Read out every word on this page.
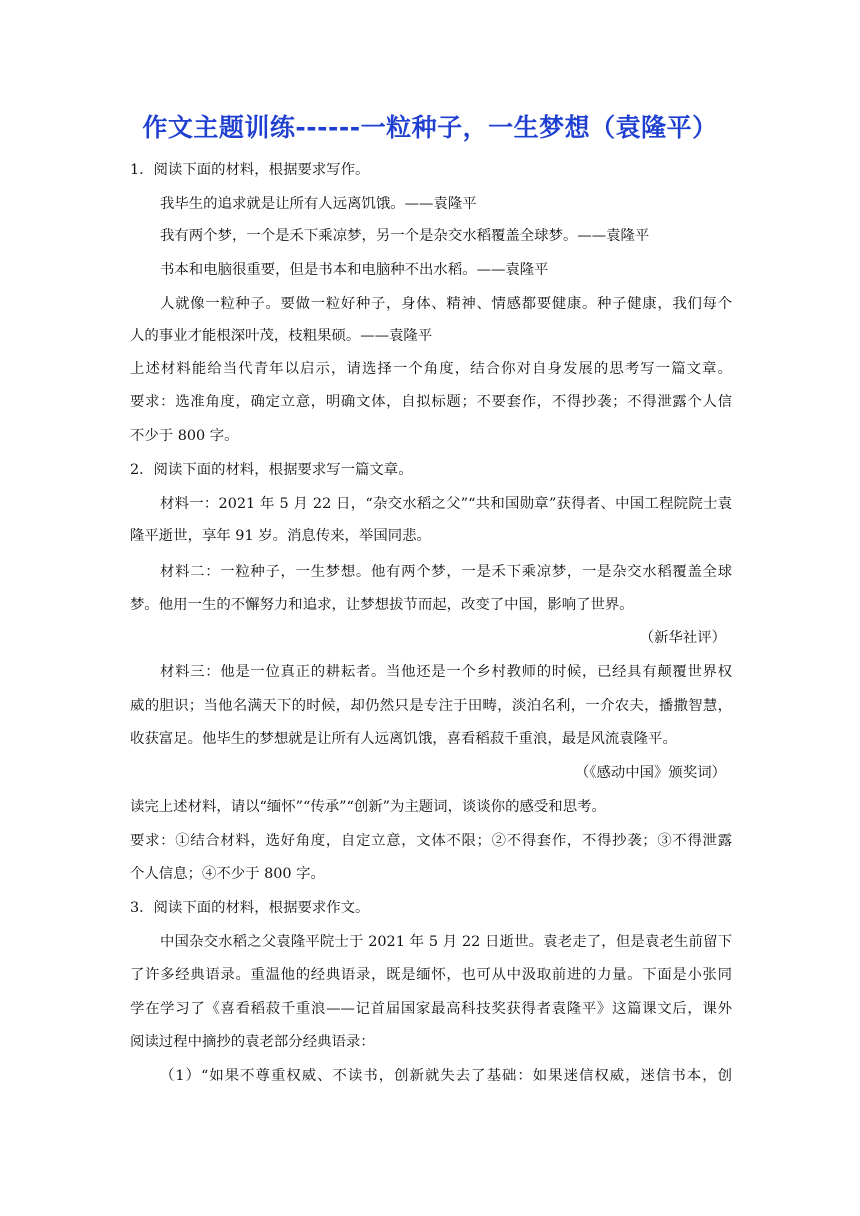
作文主题训练------一粒种子，一生梦想（袁隆平）
1．阅读下面的材料，根据要求写作。
我毕生的追求就是让所有人远离饥饿。——袁隆平
我有两个梦，一个是禾下乘凉梦，另一个是杂交水稻覆盖全球梦。——袁隆平
书本和电脑很重要，但是书本和电脑种不出水稻。——袁隆平
人就像一粒种子。要做一粒好种子，身体、精神、情感都要健康。种子健康，我们每个
人的事业才能根深叶茂，枝粗果硕。——袁隆平
上述材料能给当代青年以启示，请选择一个角度，结合你对自身发展的思考写一篇文章。
要求：选准角度，确定立意，明确文体，自拟标题；不要套作，不得抄袭；不得泄露个人信
不少于 800 字。
2．阅读下面的材料，根据要求写一篇文章。
材料一：2021 年 5 月 22 日，“杂交水稻之父”“共和国勋章”获得者、中国工程院院士袁
隆平逝世，享年 91 岁。消息传来，举国同悲。
材料二：一粒种子，一生梦想。他有两个梦，一是禾下乘凉梦，一是杂交水稻覆盖全球
梦。他用一生的不懈努力和追求，让梦想拔节而起，改变了中国，影响了世界。
（新华社评）
材料三：他是一位真正的耕耘者。当他还是一个乡村教师的时候，已经具有颠覆世界权
威的胆识；当他名满天下的时候，却仍然只是专注于田畴，淡泊名利，一介农夫，播撒智慧，
收获富足。他毕生的梦想就是让所有人远离饥饿，喜看稻菽千重浪，最是风流袁隆平。
（《感动中国》颁奖词）
读完上述材料，请以“缅怀”“传承”“创新”为主题词，谈谈你的感受和思考。
要求：①结合材料，选好角度，自定立意，文体不限；②不得套作，不得抄袭；③不得泄露
个人信息；④不少于 800 字。
3．阅读下面的材料，根据要求作文。
中国杂交水稻之父袁隆平院士于 2021 年 5 月 22 日逝世。袁老走了，但是袁老生前留下
了许多经典语录。重温他的经典语录，既是缅怀，也可从中汲取前进的力量。下面是小张同
学在学习了《喜看稻菽千重浪——记首届国家最高科技奖获得者袁隆平》这篇课文后，课外
阅读过程中摘抄的袁老部分经典语录：
（1）“如果不尊重权威、不读书，创新就失去了基础：如果迷信权威，迷信书本，创
